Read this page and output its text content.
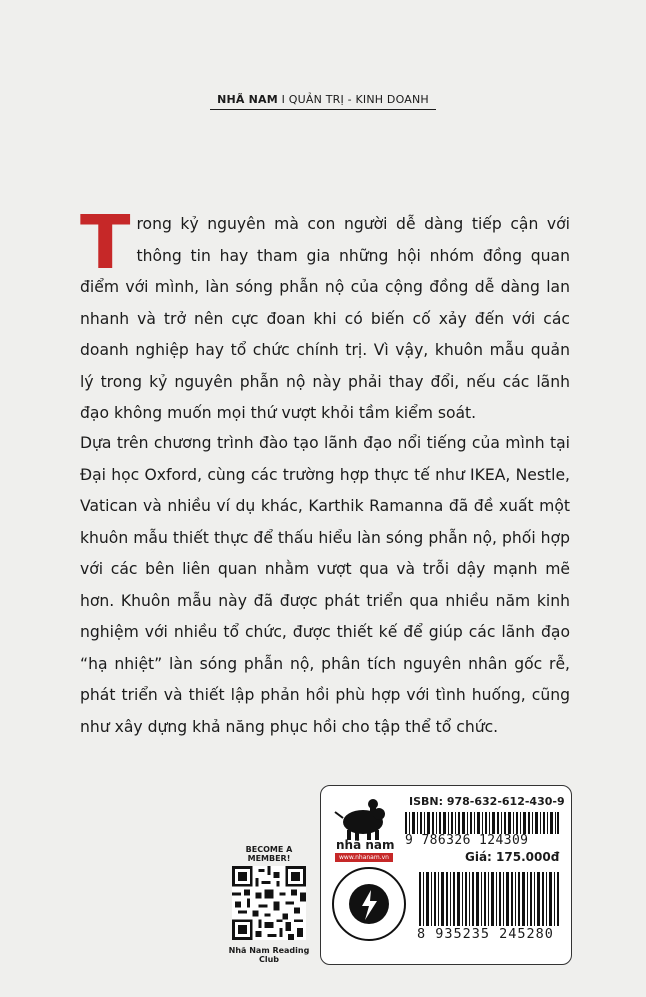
NHÃ NAM I QUẢN TRỊ - KINH DOANH
T rong kỷ nguyên mà con người dễ dàng tiếp cận với thông tin hay tham gia những hội nhóm đồng quan điểm với mình, làn sóng phẫn nộ của cộng đồng dễ dàng lan nhanh và trở nên cực đoan khi có biến cố xảy đến với các doanh nghiệp hay tổ chức chính trị. Vì vậy, khuôn mẫu quản lý trong kỷ nguyên phẫn nộ này phải thay đổi, nếu các lãnh đạo không muốn mọi thứ vượt khỏi tầm kiểm soát.
Dựa trên chương trình đào tạo lãnh đạo nổi tiếng của mình tại Đại học Oxford, cùng các trường hợp thực tế như IKEA, Nestle, Vatican và nhiều ví dụ khác, Karthik Ramanna đã đề xuất một khuôn mẫu thiết thực để thấu hiểu làn sóng phẫn nộ, phối hợp với các bên liên quan nhằm vượt qua và trỗi dậy mạnh mẽ hơn. Khuôn mẫu này đã được phát triển qua nhiều năm kinh nghiệm với nhiều tổ chức, được thiết kế để giúp các lãnh đạo “hạ nhiệt” làn sóng phẫn nộ, phân tích nguyên nhân gốc rễ, phát triển và thiết lập phản hồi phù hợp với tình huống, cũng như xây dựng khả năng phục hồi cho tập thể tổ chức.
BECOME A MEMBER!
Nhã Nam Reading Club
nhã nam
www.nhanam.vn
ISBN: 978-632-612-430-9
9 786326 124309
Giá: 175.000đ
8 935235 245280
